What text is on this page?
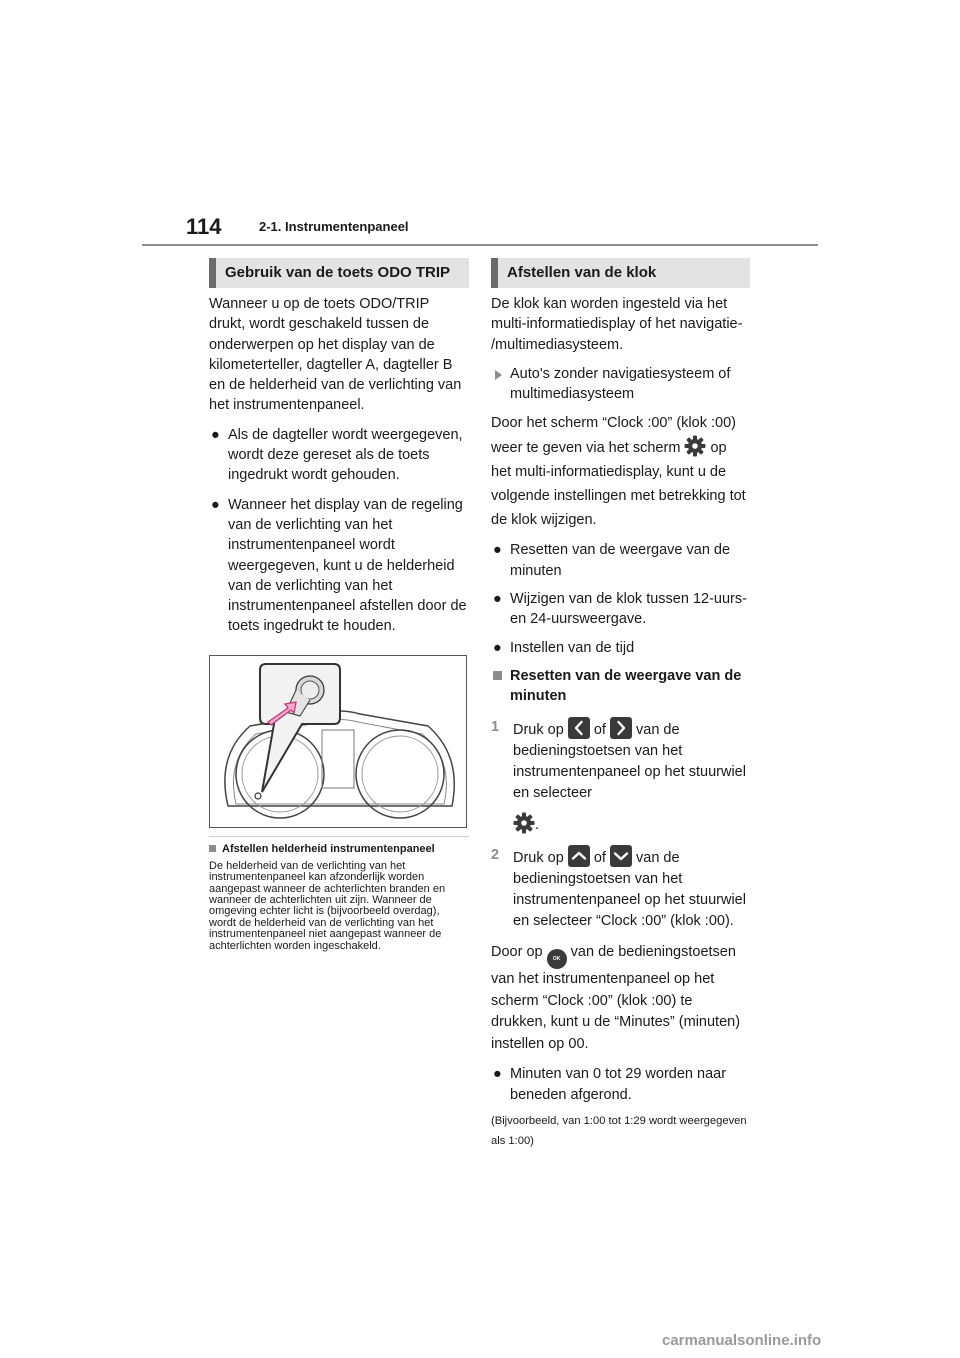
114	2-1. Instrumentenpaneel
Gebruik van de toets ODO TRIP

Wanneer u op de toets ODO/TRIP drukt, wordt geschakeld tussen de onderwerpen op het display van de kilometerteller, dagteller A, dagteller B en de helderheid van de verlichting van het instrumentenpaneel.

● Als de dagteller wordt weergegeven, wordt deze gereset als de toets ingedrukt wordt gehouden.
● Wanneer het display van de regeling van de verlichting van het instrumentenpaneel wordt weergegeven, kunt u de helderheid van de verlichting van het instrumentenpaneel afstellen door de toets ingedrukt te houden.
Afstellen helderheid instrumentenpaneel

De helderheid van de verlichting van het instrumentenpaneel kan afzonderlijk worden aangepast wanneer de achterlichten branden en wanneer de achterlichten uit zijn. Wanneer de omgeving echter licht is (bijvoorbeeld overdag), wordt de helderheid van de verlichting van het instrumentenpaneel niet aangepast wanneer de achterlichten worden ingeschakeld.

Afstellen van de klok

De klok kan worden ingesteld via het multi-informatiedisplay of het navigatie- /multimediasysteem.

Auto's zonder navigatiesysteem of multimediasysteem

Door het scherm “Clock :00” (klok :00) weer te geven via het scherm op het multi-informatiedisplay, kunt u de volgende instellingen met betrekking tot de klok wijzigen.

● Resetten van de weergave van de minuten
● Wijzigen van de klok tussen 12-uurs- en 24-uursweergave.
● Instellen van de tijd
Resetten van de weergave van de minuten
1 Druk op of van de bedieningstoetsen van het instrumentenpaneel op het stuurwiel en selecteer
.
2 Druk op of van de bedieningstoetsen van het instrumentenpaneel op het stuurwiel en selecteer “Clock :00” (klok :00).

Door op OK van de bedieningstoetsen van het instrumentenpaneel op het scherm “Clock :00” (klok :00) te drukken, kunt u de “Minutes” (minuten) instellen op 00.

● Minuten van 0 tot 29 worden naar beneden afgerond.

(Bijvoorbeeld, van 1:00 tot 1:29 wordt weergegeven als 1:00)

carmanualsonline.info
